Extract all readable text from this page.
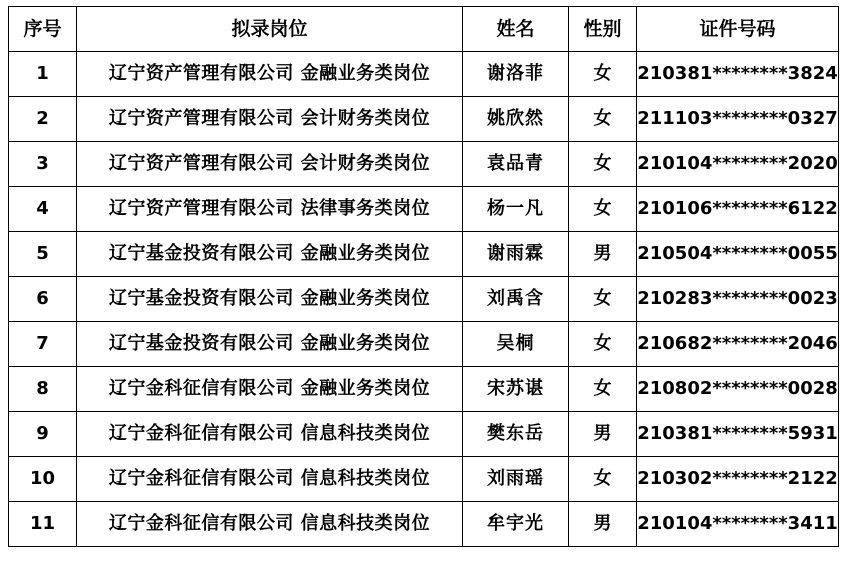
序号	拟录岗位	姓名	性别	证件号码
1	辽宁资产管理有限公司 金融业务类岗位	谢洛菲	女	210381********3824
2	辽宁资产管理有限公司 会计财务类岗位	姚欣然	女	211103********0327
3	辽宁资产管理有限公司 会计财务类岗位	袁品青	女	210104********2020
4	辽宁资产管理有限公司 法律事务类岗位	杨一凡	女	210106********6122
5	辽宁基金投资有限公司 金融业务类岗位	谢雨霖	男	210504********0055
6	辽宁基金投资有限公司 金融业务类岗位	刘禹含	女	210283********0023
7	辽宁基金投资有限公司 金融业务类岗位	吴桐	女	210682********2046
8	辽宁金科征信有限公司 金融业务类岗位	宋苏谌	女	210802********0028
9	辽宁金科征信有限公司 信息科技类岗位	樊东岳	男	210381********5931
10	辽宁金科征信有限公司 信息科技类岗位	刘雨瑶	女	210302********2122
11	辽宁金科征信有限公司 信息科技类岗位	牟宇光	男	210104********3411
